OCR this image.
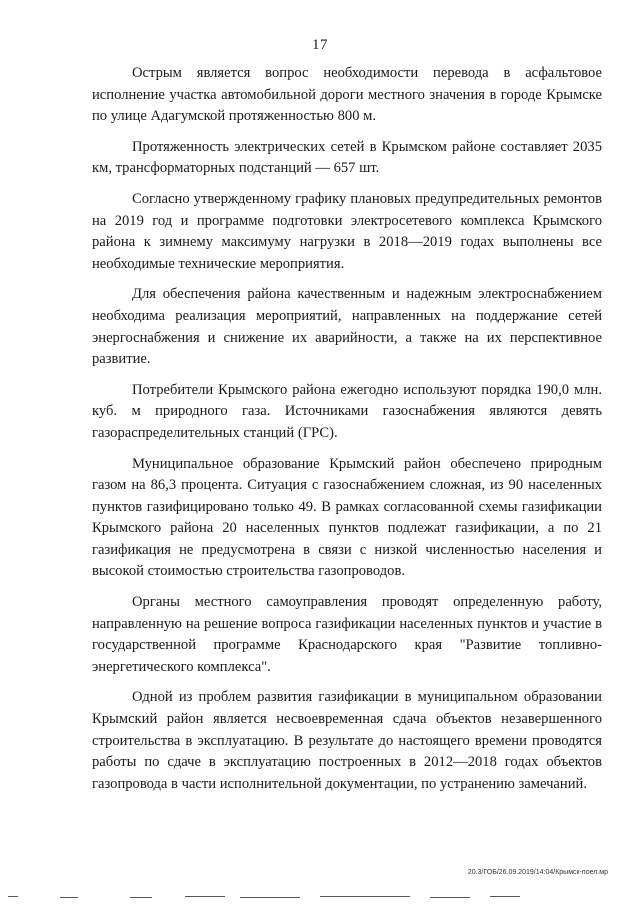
17

Острым является вопрос необходимости перевода в асфальтовое исполнение участка автомобильной дороги местного значения в городе Крымске по улице Адагумской протяженностью 800 м.

Протяженность электрических сетей в Крымском районе составляет 2035 км, трансформаторных подстанций — 657 шт.

Согласно утвержденному графику плановых предупредительных ремонтов на 2019 год и программе подготовки электросетевого комплекса Крымского района к зимнему максимуму нагрузки в 2018—2019 годах выполнены все необходимые технические мероприятия.

Для обеспечения района качественным и надежным электроснабжением необходима реализация мероприятий, направленных на поддержание сетей энергоснабжения и снижение их аварийности, а также на их перспективное развитие.

Потребители Крымского района ежегодно используют порядка 190,0 млн. куб. м природного газа. Источниками газоснабжения являются девять газораспределительных станций (ГРС).

Муниципальное образование Крымский район обеспечено природным газом на 86,3 процента. Ситуация с газоснабжением сложная, из 90 населенных пунктов газифицировано только 49. В рамках согласованной схемы газификации Крымского района 20 населенных пунктов подлежат газификации, а по 21 газификация не предусмотрена в связи с низкой численностью населения и высокой стоимостью строительства газопроводов.

Органы местного самоуправления проводят определенную работу, направленную на решение вопроса газификации населенных пунктов и участие в государственной программе Краснодарского края "Развитие топливно-энергетического комплекса".

Одной из проблем развития газификации в муниципальном образовании Крымский район является несвоевременная сдача объектов незавершенного строительства в эксплуатацию. В результате до настоящего времени проводятся работы по сдаче в эксплуатацию построенных в 2012—2018 годах объектов газопровода в части исполнительной документации, по устранению замечаний.

20.3/ГОБ/26.09.2019/14:04/Крымск-поел.мр
